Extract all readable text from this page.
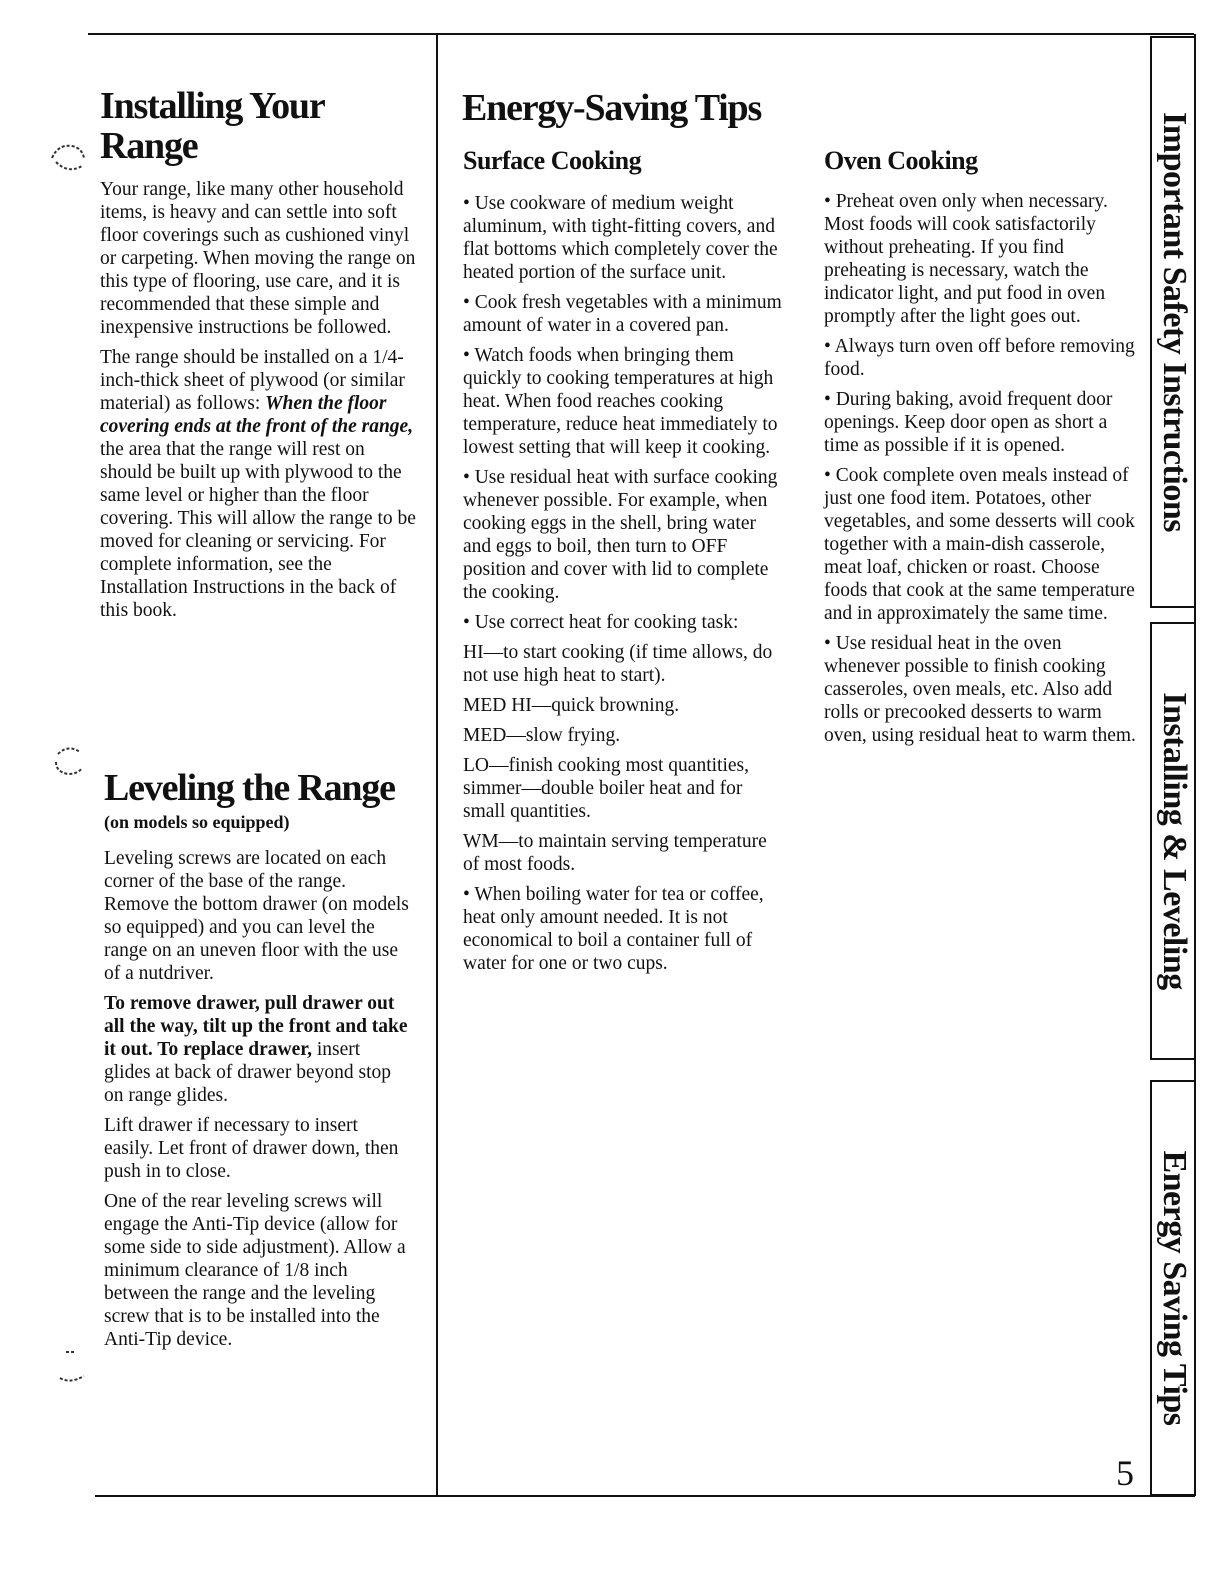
Installing Your
Range

Your range, like many other household items, is heavy and can settle into soft floor coverings such as cushioned vinyl or carpeting. When moving the range on this type of flooring, use care, and it is recommended that these simple and inexpensive instructions be followed.

The range should be installed on a 1/4-inch-thick sheet of plywood (or similar material) as follows: When the floor covering ends at the front of the range, the area that the range will rest on should be built up with plywood to the same level or higher than the floor covering. This will allow the range to be moved for cleaning or servicing. For complete information, see the Installation Instructions in the back of this book.

Leveling the Range
(on models so equipped)

Leveling screws are located on each corner of the base of the range. Remove the bottom drawer (on models so equipped) and you can level the range on an uneven floor with the use of a nutdriver.

To remove drawer, pull drawer out all the way, tilt up the front and take it out. To replace drawer, insert glides at back of drawer beyond stop on range glides.

Lift drawer if necessary to insert easily. Let front of drawer down, then push in to close.

One of the rear leveling screws will engage the Anti-Tip device (allow for some side to side adjustment). Allow a minimum clearance of 1/8 inch between the range and the leveling screw that is to be installed into the Anti-Tip device.

Energy-Saving Tips
Surface Cooking

• Use cookware of medium weight aluminum, with tight-fitting covers, and flat bottoms which completely cover the heated portion of the surface unit.

• Cook fresh vegetables with a minimum amount of water in a covered pan.

• Watch foods when bringing them quickly to cooking temperatures at high heat. When food reaches cooking temperature, reduce heat immediately to lowest setting that will keep it cooking.

• Use residual heat with surface cooking whenever possible. For example, when cooking eggs in the shell, bring water and eggs to boil, then turn to OFF position and cover with lid to complete the cooking.

• Use correct heat for cooking task:

HI—to start cooking (if time allows, do not use high heat to start).

MED HI—quick browning.

MED—slow frying.

LO—finish cooking most quantities, simmer—double boiler heat and for small quantities.

WM—to maintain serving temperature of most foods.

• When boiling water for tea or coffee, heat only amount needed. It is not economical to boil a container full of water for one or two cups.

Oven Cooking

• Preheat oven only when necessary. Most foods will cook satisfactorily without preheating. If you find preheating is necessary, watch the indicator light, and put food in oven promptly after the light goes out.

• Always turn oven off before removing food.

• During baking, avoid frequent door openings. Keep door open as short a time as possible if it is opened.

• Cook complete oven meals instead of just one food item. Potatoes, other vegetables, and some desserts will cook together with a main-dish casserole, meat loaf, chicken or roast. Choose foods that cook at the same temperature and in approximately the same time.

• Use residual heat in the oven whenever possible to finish cooking casseroles, oven meals, etc. Also add rolls or precooked desserts to warm oven, using residual heat to warm them.

Important Safety Instructions
Installing & Leveling
Energy Saving Tips
5
